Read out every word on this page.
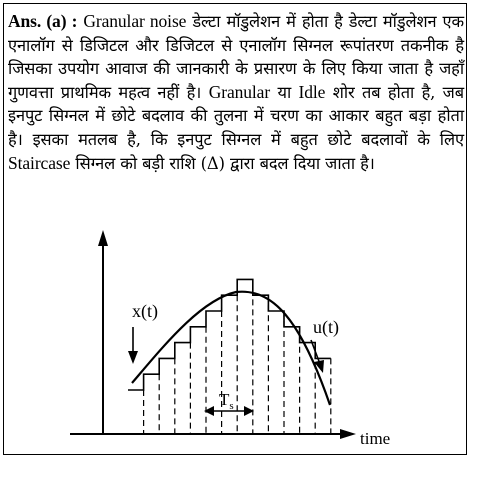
Ans. (a) : Granular noise डेल्टा मॉडुलेशन में होता है डेल्टा मॉडुलेशन एक एनालॉग से डिजिटल और डिजिटल से एनालॉग सिग्नल रूपांतरण तकनीक है जिसका उपयोग आवाज की जानकारी के प्रसारण के लिए किया जाता है जहाँ गुणवत्ता प्राथमिक महत्व नहीं है। Granular या Idle शोर तब होता है, जब इनपुट सिग्नल में छोटे बदलाव की तुलना में चरण का आकार बहुत बड़ा होता है। इसका मतलब है, कि इनपुट सिग्नल में बहुत छोटे बदलावों के लिए Staircase सिग्नल को बड़ी राशि (Δ) द्वारा बदल दिया जाता है।
time
x(t)
u(t)
$T_s$
